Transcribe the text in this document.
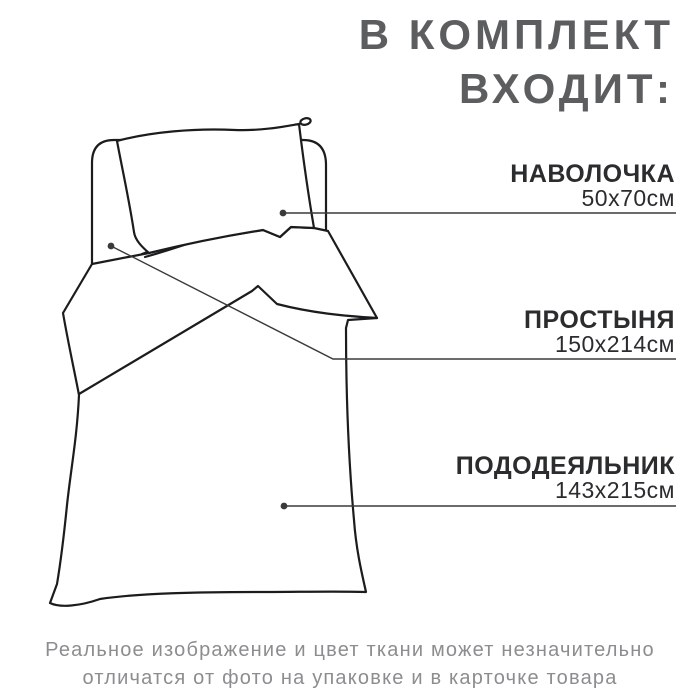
В КОМПЛЕКТ
ВХОДИТ:
НАВОЛОЧКА
50х70см
ПРОСТЫНЯ
150х214см
ПОДОДЕЯЛЬНИК
143х215см
Реальное изображение и цвет ткани может незначительно
отличатся от фото на упаковке и в карточке товара
